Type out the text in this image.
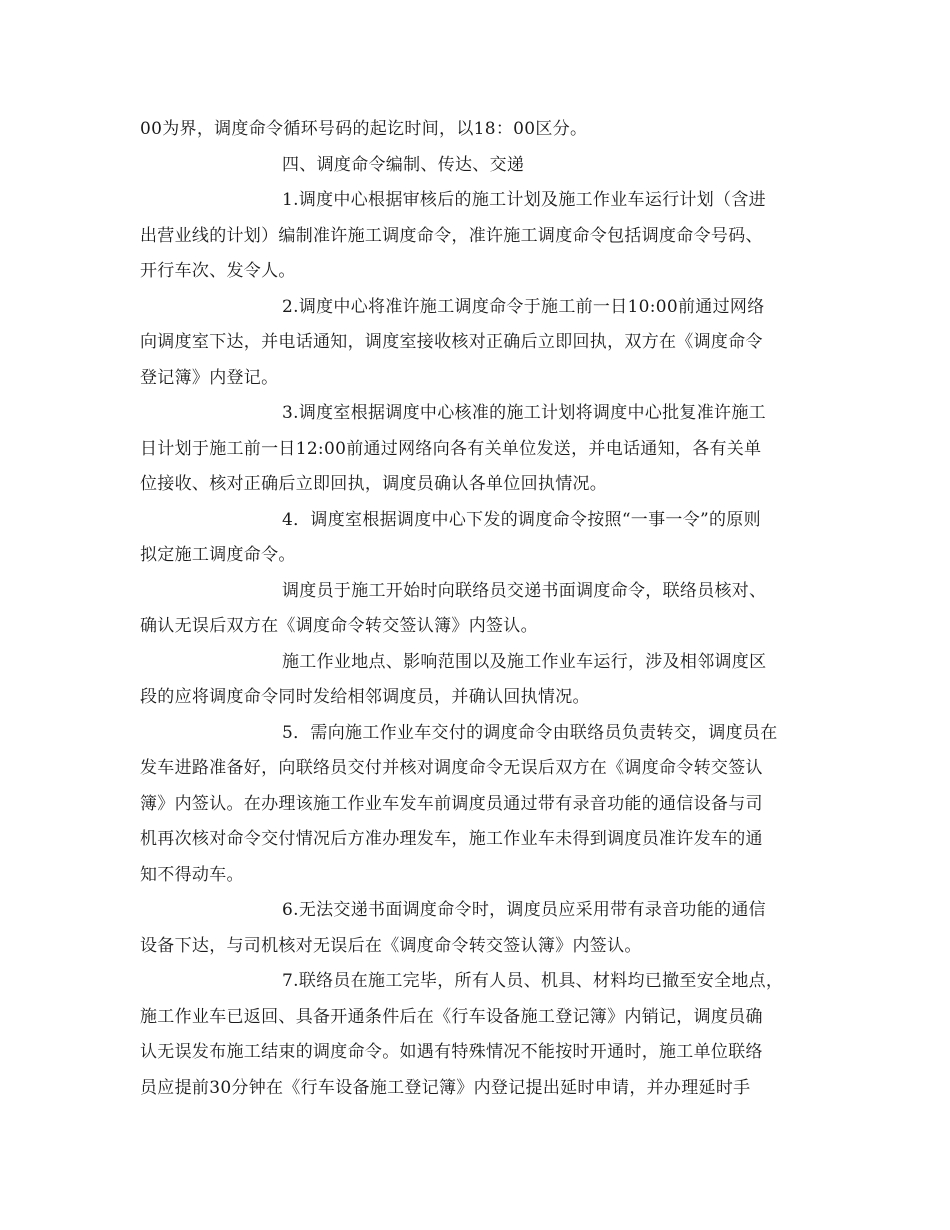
00为界，调度命令循环号码的起讫时间，以18：00区分。
四、调度命令编制、传达、交递
1.调度中心根据审核后的施工计划及施工作业车运行计划（含进
出营业线的计划）编制准许施工调度命令，准许施工调度命令包括调度命令号码、
开行车次、发令人。
2.调度中心将准许施工调度命令于施工前一日10:00前通过网络
向调度室下达，并电话通知，调度室接收核对正确后立即回执，双方在《调度命令
登记簿》内登记。
3.调度室根据调度中心核准的施工计划将调度中心批复准许施工
日计划于施工前一日12:00前通过网络向各有关单位发送，并电话通知，各有关单
位接收、核对正确后立即回执，调度员确认各单位回执情况。
4．调度室根据调度中心下发的调度命令按照“一事一令”的原则
拟定施工调度命令。
调度员于施工开始时向联络员交递书面调度命令，联络员核对、
确认无误后双方在《调度命令转交签认簿》内签认。
施工作业地点、影响范围以及施工作业车运行，涉及相邻调度区
段的应将调度命令同时发给相邻调度员，并确认回执情况。
5．需向施工作业车交付的调度命令由联络员负责转交，调度员在
发车进路准备好，向联络员交付并核对调度命令无误后双方在《调度命令转交签认
簿》内签认。在办理该施工作业车发车前调度员通过带有录音功能的通信设备与司
机再次核对命令交付情况后方准办理发车，施工作业车未得到调度员准许发车的通
知不得动车。
6.无法交递书面调度命令时，调度员应采用带有录音功能的通信
设备下达，与司机核对无误后在《调度命令转交签认簿》内签认。
7.联络员在施工完毕，所有人员、机具、材料均已撤至安全地点，
施工作业车已返回、具备开通条件后在《行车设备施工登记簿》内销记，调度员确
认无误发布施工结束的调度命令。如遇有特殊情况不能按时开通时，施工单位联络
员应提前30分钟在《行车设备施工登记簿》内登记提出延时申请，并办理延时手
